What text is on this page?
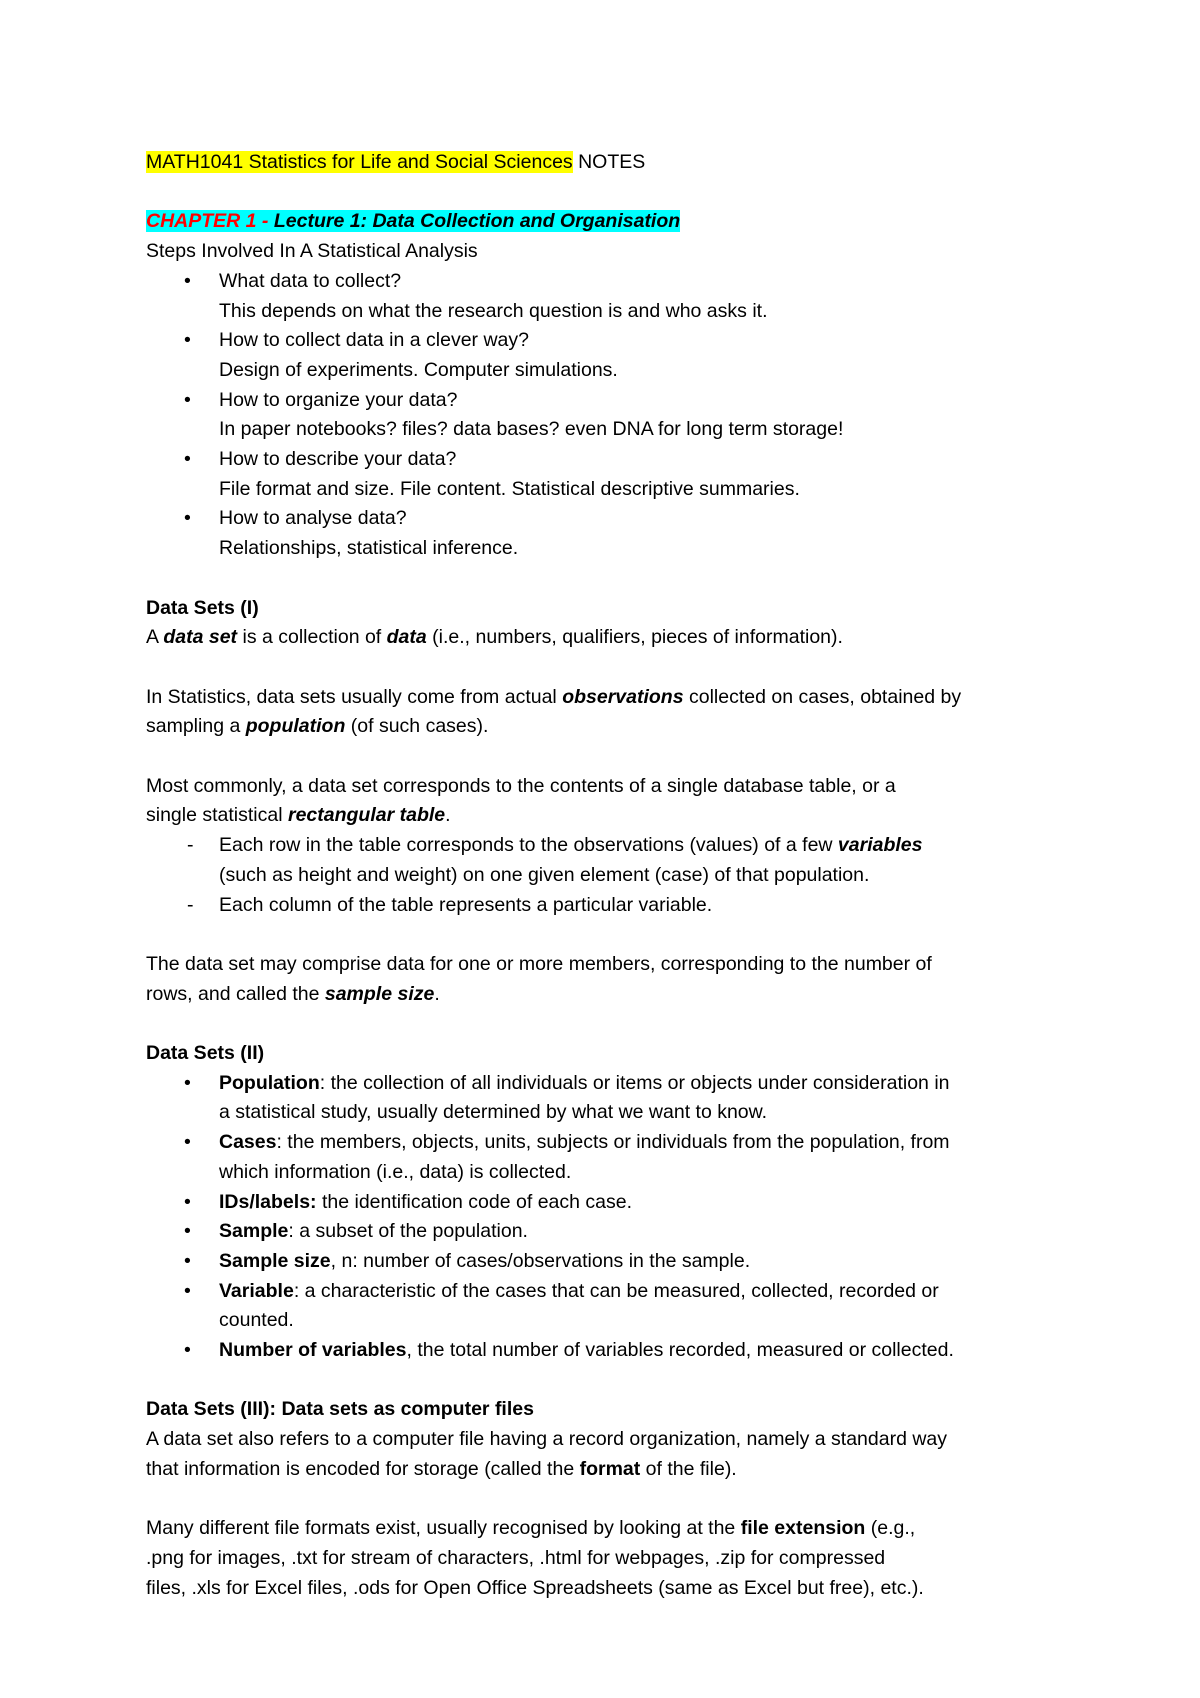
MATH1041 Statistics for Life and Social Sciences NOTES

CHAPTER 1 - Lecture 1: Data Collection and Organisation

Steps Involved In A Statistical Analysis

• What data to collect?
This depends on what the research question is and who asks it.
• How to collect data in a clever way?
Design of experiments. Computer simulations.
• How to organize your data?
In paper notebooks? files? data bases? even DNA for long term storage!
• How to describe your data?
File format and size. File content. Statistical descriptive summaries.
• How to analyse data?
Relationships, statistical inference.

Data Sets (I)

A data set is a collection of data (i.e., numbers, qualifiers, pieces of information).

In Statistics, data sets usually come from actual observations collected on cases, obtained by

sampling a population (of such cases).

Most commonly, a data set corresponds to the contents of a single database table, or a

single statistical rectangular table.

- Each row in the table corresponds to the observations (values) of a few variables
(such as height and weight) on one given element (case) of that population.
- Each column of the table represents a particular variable.

The data set may comprise data for one or more members, corresponding to the number of

rows, and called the sample size.

Data Sets (II)

• Population: the collection of all individuals or items or objects under consideration in
a statistical study, usually determined by what we want to know.
• Cases: the members, objects, units, subjects or individuals from the population, from
which information (i.e., data) is collected.
• IDs/labels: the identification code of each case.
• Sample: a subset of the population.
• Sample size, n: number of cases/observations in the sample.
• Variable: a characteristic of the cases that can be measured, collected, recorded or
counted.
• Number of variables, the total number of variables recorded, measured or collected.

Data Sets (III): Data sets as computer files

A data set also refers to a computer file having a record organization, namely a standard way

that information is encoded for storage (called the format of the file).

Many different file formats exist, usually recognised by looking at the file extension (e.g.,

.png for images, .txt for stream of characters, .html for webpages, .zip for compressed

files, .xls for Excel files, .ods for Open Office Spreadsheets (same as Excel but free), etc.).
